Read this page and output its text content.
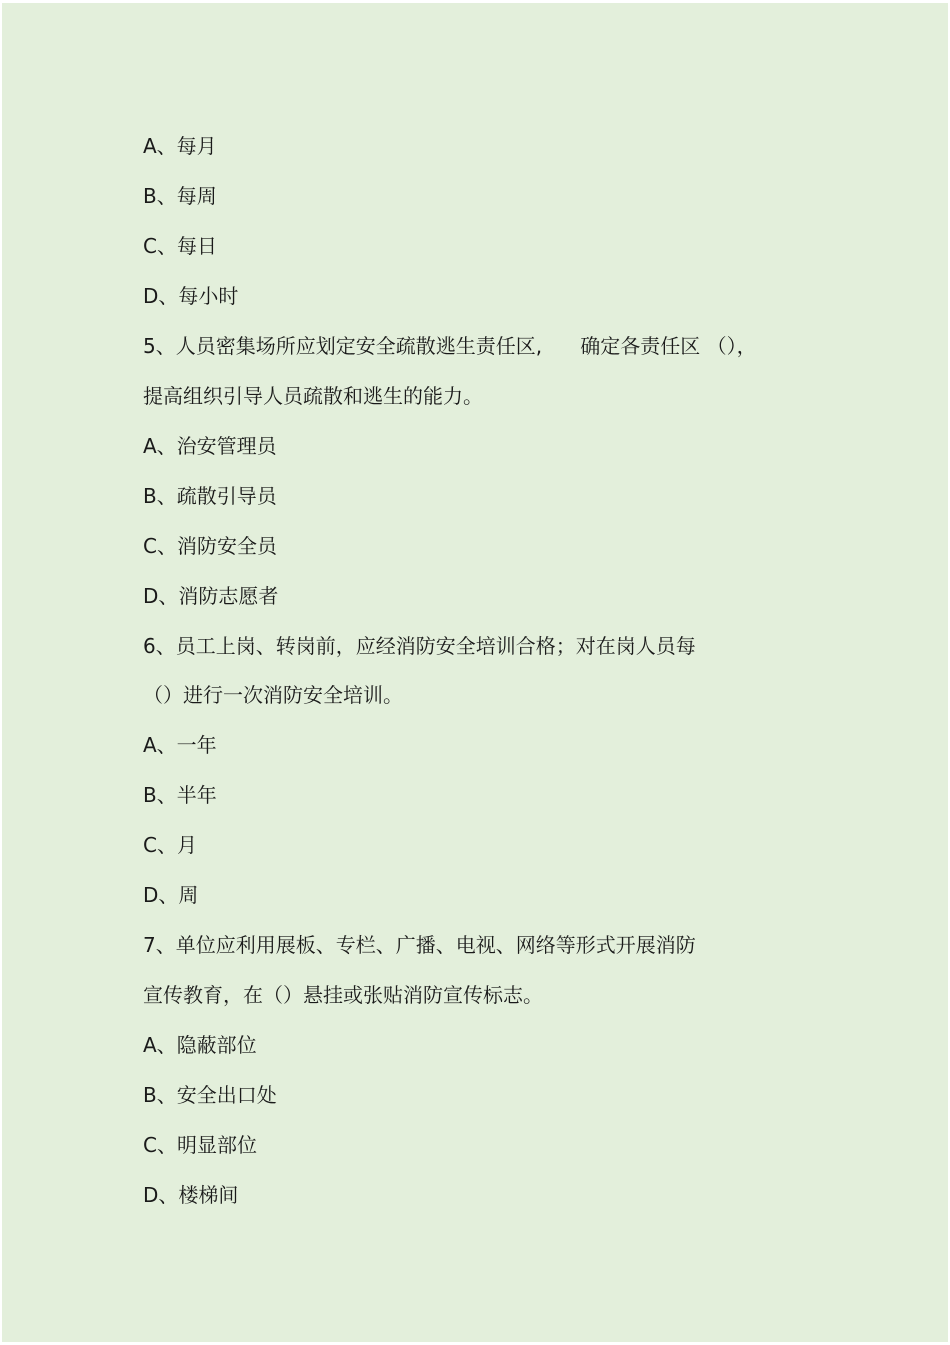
A、每月
B、每周
C、每日
D、每小时
5、人员密集场所应划定安全疏散逃生责任区,      确定各责任区 （），
提高组织引导人员疏散和逃生的能力。
A、治安管理员
B、疏散引导员
C、消防安全员
D、消防志愿者
6、员工上岗、转岗前，应经消防安全培训合格；对在岗人员每
（）进行一次消防安全培训。
A、一年
B、半年
C、月
D、周
7、单位应利用展板、专栏、广播、电视、网络等形式开展消防
宣传教育，在（）悬挂或张贴消防宣传标志。
A、隐蔽部位
B、安全出口处
C、明显部位
D、楼梯间
